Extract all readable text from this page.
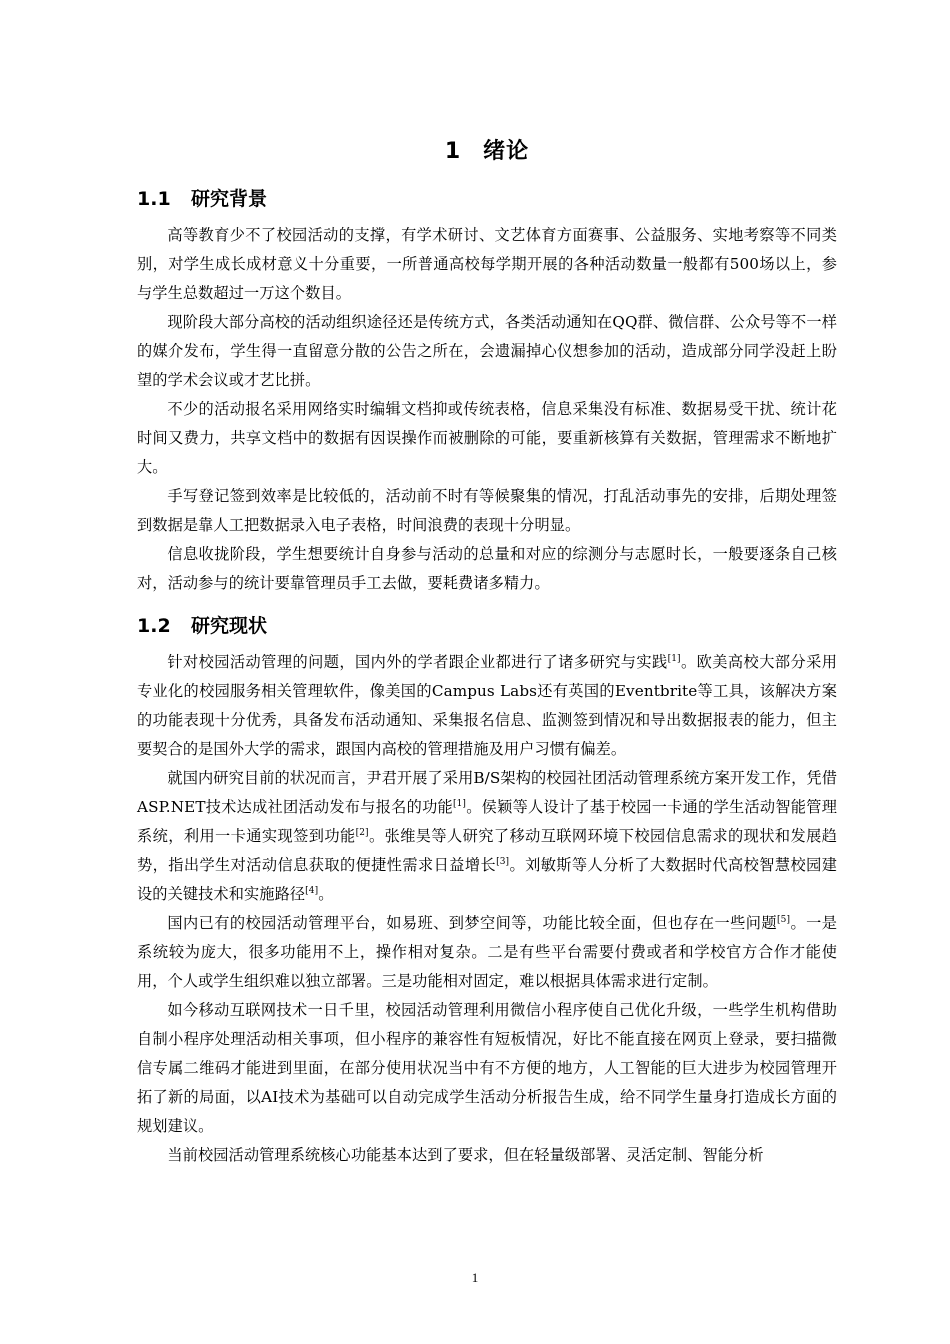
1 绪论
1.1 研究背景

高等教育少不了校园活动的支撑，有学术研讨、文艺体育方面赛事、公益服务、实地考察等不同类别，对学生成长成材意义十分重要，一所普通高校每学期开展的各种活动数量一般都有500场以上，参与学生总数超过一万这个数目。

现阶段大部分高校的活动组织途径还是传统方式，各类活动通知在QQ群、微信群、公众号等不一样的媒介发布，学生得一直留意分散的公告之所在，会遗漏掉心仪想参加的活动，造成部分同学没赶上盼望的学术会议或才艺比拼。

不少的活动报名采用网络实时编辑文档抑或传统表格，信息采集没有标准、数据易受干扰、统计花时间又费力，共享文档中的数据有因误操作而被删除的可能，要重新核算有关数据，管理需求不断地扩大。

手写登记签到效率是比较低的，活动前不时有等候聚集的情况，打乱活动事先的安排，后期处理签到数据是靠人工把数据录入电子表格，时间浪费的表现十分明显。

信息收拢阶段，学生想要统计自身参与活动的总量和对应的综测分与志愿时长，一般要逐条自己核对，活动参与的统计要靠管理员手工去做，要耗费诸多精力。

1.2 研究现状

针对校园活动管理的问题，国内外的学者跟企业都进行了诸多研究与实践[1]。欧美高校大部分采用专业化的校园服务相关管理软件，像美国的Campus Labs还有英国的Eventbrite等工具，该解决方案的功能表现十分优秀，具备发布活动通知、采集报名信息、监测签到情况和导出数据报表的能力，但主要契合的是国外大学的需求，跟国内高校的管理措施及用户习惯有偏差。

就国内研究目前的状况而言，尹君开展了采用B/S架构的校园社团活动管理系统方案开发工作，凭借ASP.NET技术达成社团活动发布与报名的功能[1]。侯颖等人设计了基于校园一卡通的学生活动智能管理系统，利用一卡通实现签到功能[2]。张维昊等人研究了移动互联网环境下校园信息需求的现状和发展趋势，指出学生对活动信息获取的便捷性需求日益增长[3]。刘敏斯等人分析了大数据时代高校智慧校园建设的关键技术和实施路径[4]。

国内已有的校园活动管理平台，如易班、到梦空间等，功能比较全面，但也存在一些问题[5]。一是系统较为庞大，很多功能用不上，操作相对复杂。二是有些平台需要付费或者和学校官方合作才能使用，个人或学生组织难以独立部署。三是功能相对固定，难以根据具体需求进行定制。

如今移动互联网技术一日千里，校园活动管理利用微信小程序使自己优化升级，一些学生机构借助自制小程序处理活动相关事项，但小程序的兼容性有短板情况，好比不能直接在网页上登录，要扫描微信专属二维码才能进到里面，在部分使用状况当中有不方便的地方，人工智能的巨大进步为校园管理开拓了新的局面，以AI技术为基础可以自动完成学生活动分析报告生成，给不同学生量身打造成长方面的规划建议。

当前校园活动管理系统核心功能基本达到了要求，但在轻量级部署、灵活定制、智能分析

1
